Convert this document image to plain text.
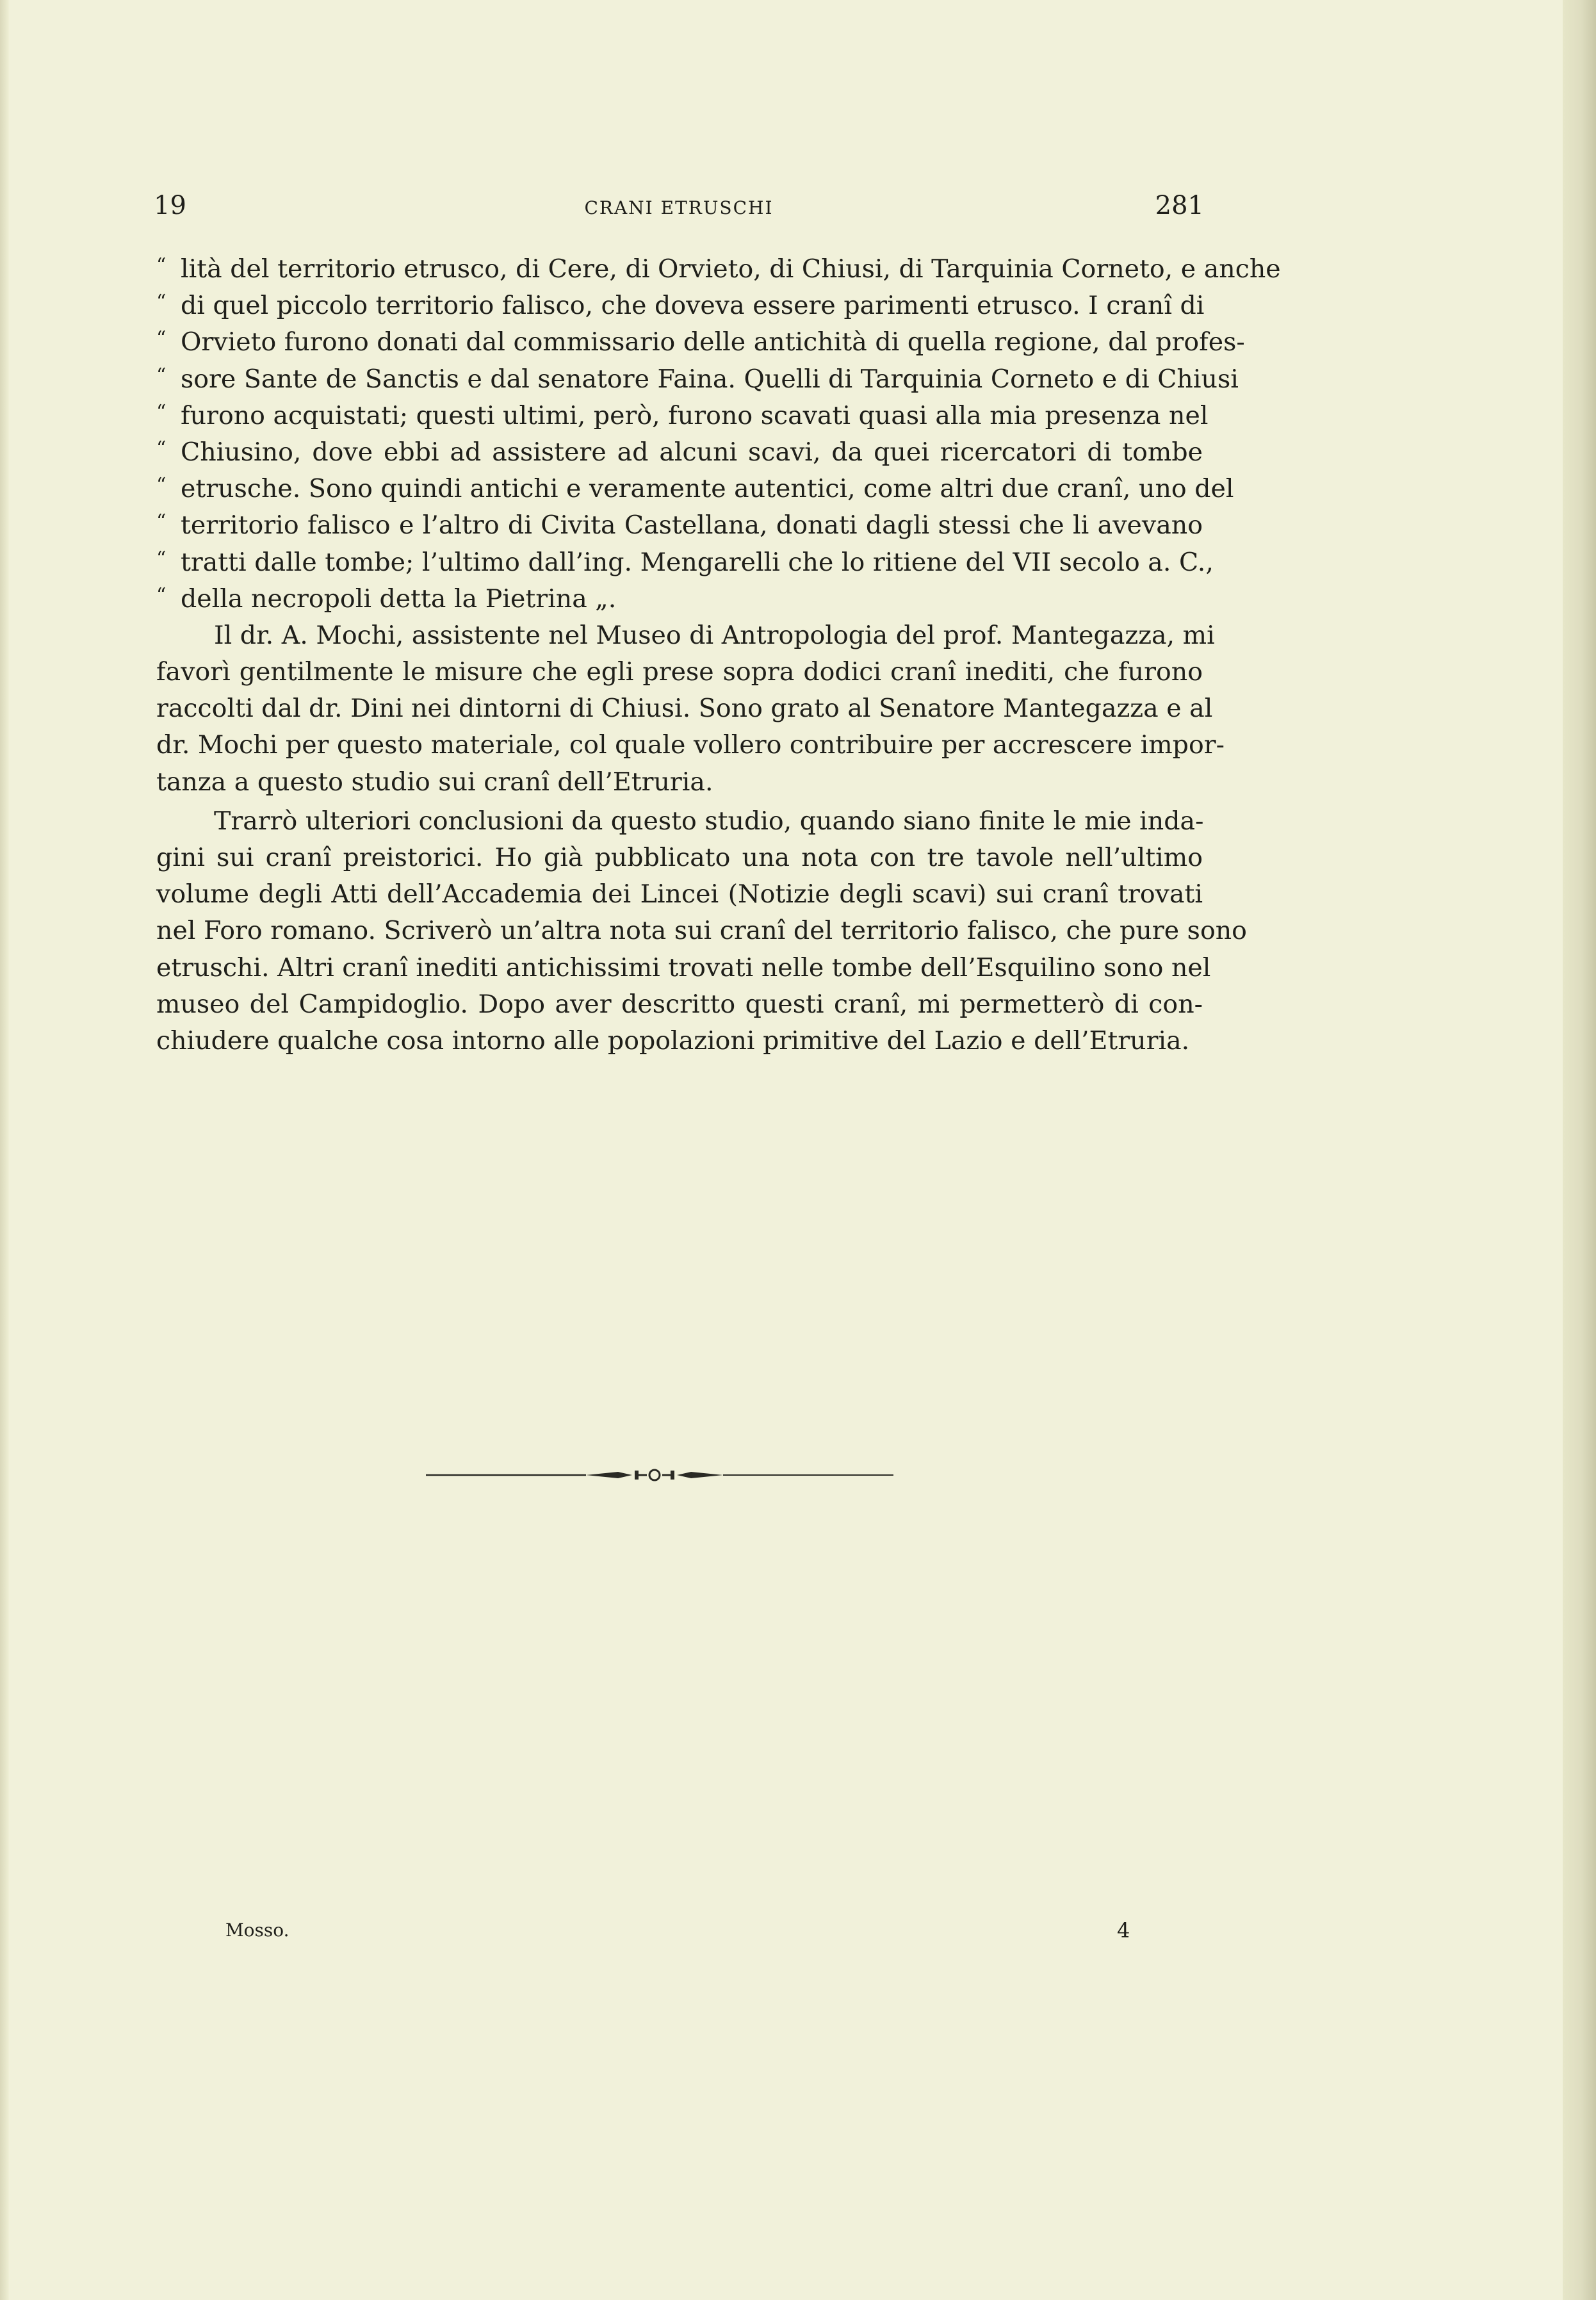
19	CRANI ETRUSCHI	281
“ lità del territorio etrusco, di Cere, di Orvieto, di Chiusi, di Tarquinia Corneto, e anche
“ di quel piccolo territorio falisco, che doveva essere parimenti etrusco. I cranî di
“ Orvieto furono donati dal commissario delle antichità di quella regione, dal profes-
“ sore Sante de Sanctis e dal senatore Faina. Quelli di Tarquinia Corneto e di Chiusi
“ furono acquistati; questi ultimi, però, furono scavati quasi alla mia presenza nel
“ Chiusino, dove ebbi ad assistere ad alcuni scavi, da quei ricercatori di tombe
“ etrusche. Sono quindi antichi e veramente autentici, come altri due cranî, uno del
“ territorio falisco e l’altro di Civita Castellana, donati dagli stessi che li avevano
“ tratti dalle tombe; l’ultimo dall’ing. Mengarelli che lo ritiene del VII secolo a. C.,
“ della necropoli detta la Pietrina „.
Il dr. A. Mochi, assistente nel Museo di Antropologia del prof. Mantegazza, mi
favorì gentilmente le misure che egli prese sopra dodici cranî inediti, che furono
raccolti dal dr. Dini nei dintorni di Chiusi. Sono grato al Senatore Mantegazza e al
dr. Mochi per questo materiale, col quale vollero contribuire per accrescere impor-
tanza a questo studio sui cranî dell’Etruria.
Trarrò ulteriori conclusioni da questo studio, quando siano finite le mie inda-
gini sui cranî preistorici. Ho già pubblicato una nota con tre tavole nell’ultimo
volume degli Atti dell’Accademia dei Lincei (Notizie degli scavi) sui cranî trovati
nel Foro romano. Scriverò un’altra nota sui cranî del territorio falisco, che pure sono
etruschi. Altri cranî inediti antichissimi trovati nelle tombe dell’Esquilino sono nel
museo del Campidoglio. Dopo aver descritto questi cranî, mi permetterò di con-
chiudere qualche cosa intorno alle popolazioni primitive del Lazio e dell’Etruria.
Mosso.	4
